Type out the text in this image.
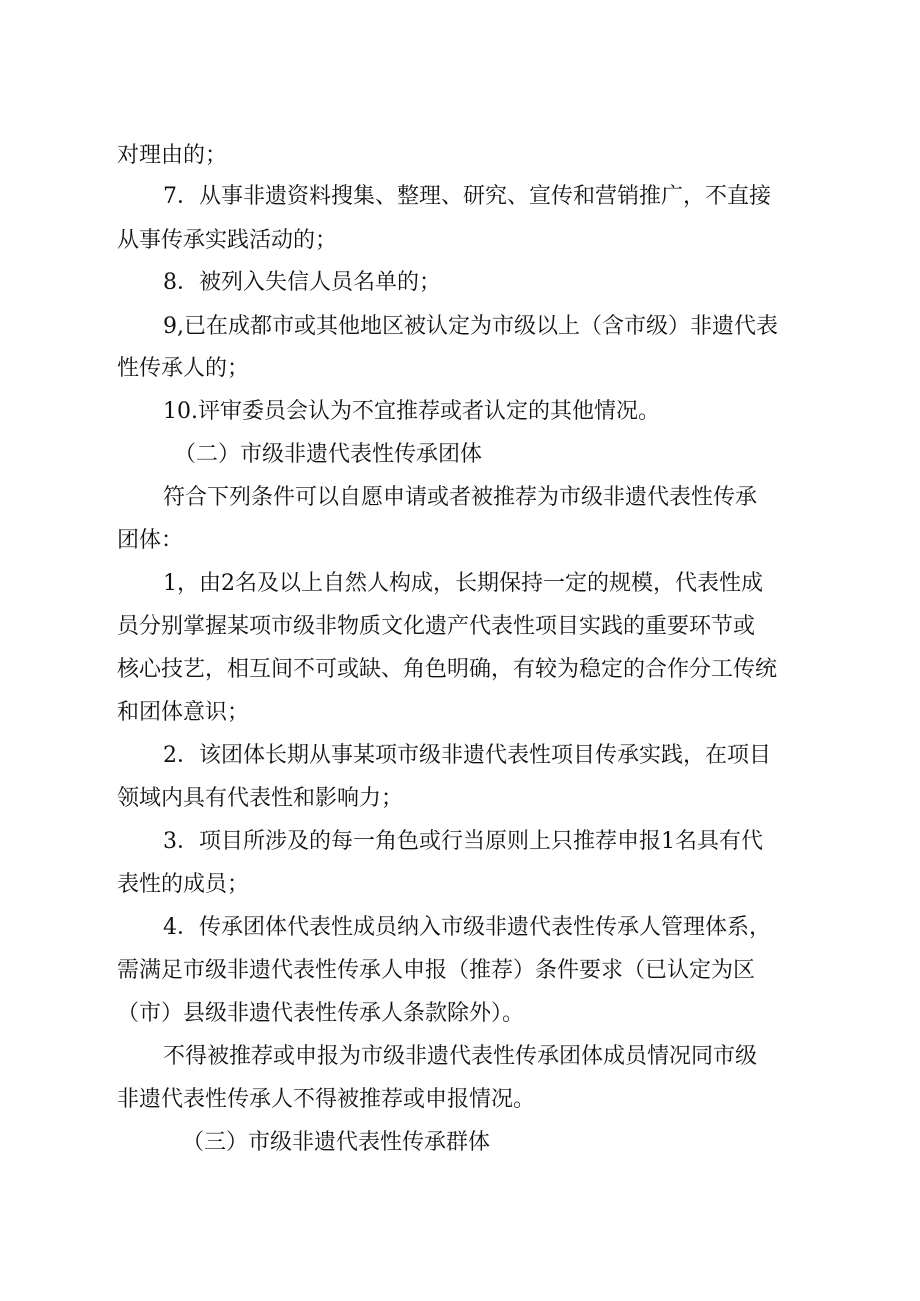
对理由的；
7．从事非遗资料搜集、整理、研究、宣传和营销推广，不直接
从事传承实践活动的；
8．被列入失信人员名单的；
9,已在成都市或其他地区被认定为市级以上（含市级）非遗代表
性传承人的；
10.评审委员会认为不宜推荐或者认定的其他情况。
（二）市级非遗代表性传承团体
符合下列条件可以自愿申请或者被推荐为市级非遗代表性传承
团体：
1，由2名及以上自然人构成，长期保持一定的规模，代表性成
员分别掌握某项市级非物质文化遗产代表性项目实践的重要环节或
核心技艺，相互间不可或缺、角色明确，有较为稳定的合作分工传统
和团体意识；
2．该团体长期从事某项市级非遗代表性项目传承实践，在项目
领域内具有代表性和影响力；
3．项目所涉及的每一角色或行当原则上只推荐申报1名具有代
表性的成员；
4．传承团体代表性成员纳入市级非遗代表性传承人管理体系，
需满足市级非遗代表性传承人申报（推荐）条件要求（已认定为区
（市）县级非遗代表性传承人条款除外）。
不得被推荐或申报为市级非遗代表性传承团体成员情况同市级
非遗代表性传承人不得被推荐或申报情况。
（三）市级非遗代表性传承群体
